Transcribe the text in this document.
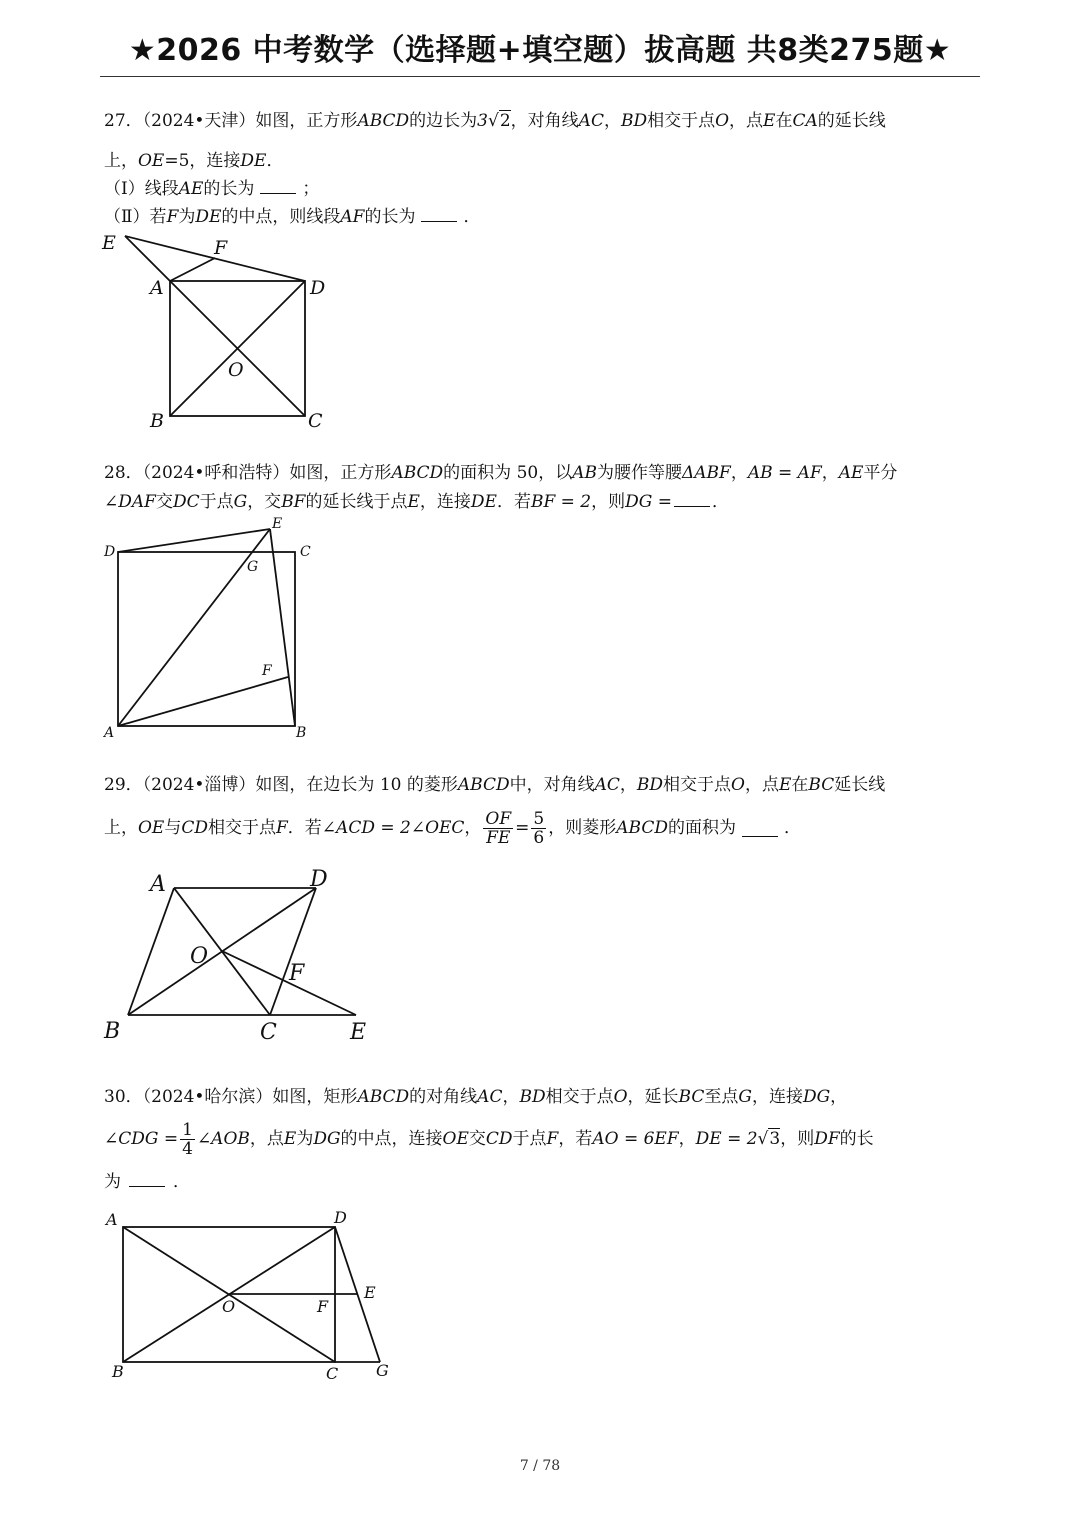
★2026 中考数学（选择题+填空题）拔高题 共8类275题★
27．（2024•天津）如图，正方形ABCD的边长为3√2，对角线AC，BD相交于点O，点E在CA的延长线
上，OE=5，连接DE．
（Ⅰ）线段AE的长为	；
（Ⅱ）若F为DE的中点，则线段AF的长为	．
E	F
A	D
O
B	C
28．（2024•呼和浩特）如图，正方形ABCD的面积为 50，以AB为腰作等腰ΔABF，AB = AF，AE平分
∠DAF交DC于点G，交BF的延长线于点E，连接DE．若BF = 2，则DG = ．
D
E
C
G
F
A	B
29．（2024•淄博）如图，在边长为 10 的菱形ABCD中，对角线AC，BD相交于点O，点E在BC延长线
上，OE与CD相交于点F．若∠ACD = 2∠OEC， $\frac{OF}{FE} = \frac{5}{6}$ ，则菱形ABCD的面积为	．
A	D
O
F
B	C	E
30．（2024•哈尔滨）如图，矩形ABCD的对角线AC，BD相交于点O，延长BC至点G，连接DG，
∠CDG = $\frac{1}{4}$ ∠AOB，点E为DG的中点，连接OE交CD于点F，若AO = 6EF，DE = 2√3，则DF的长
为	．
A	D
O	F
E
B	C G
7 / 78
